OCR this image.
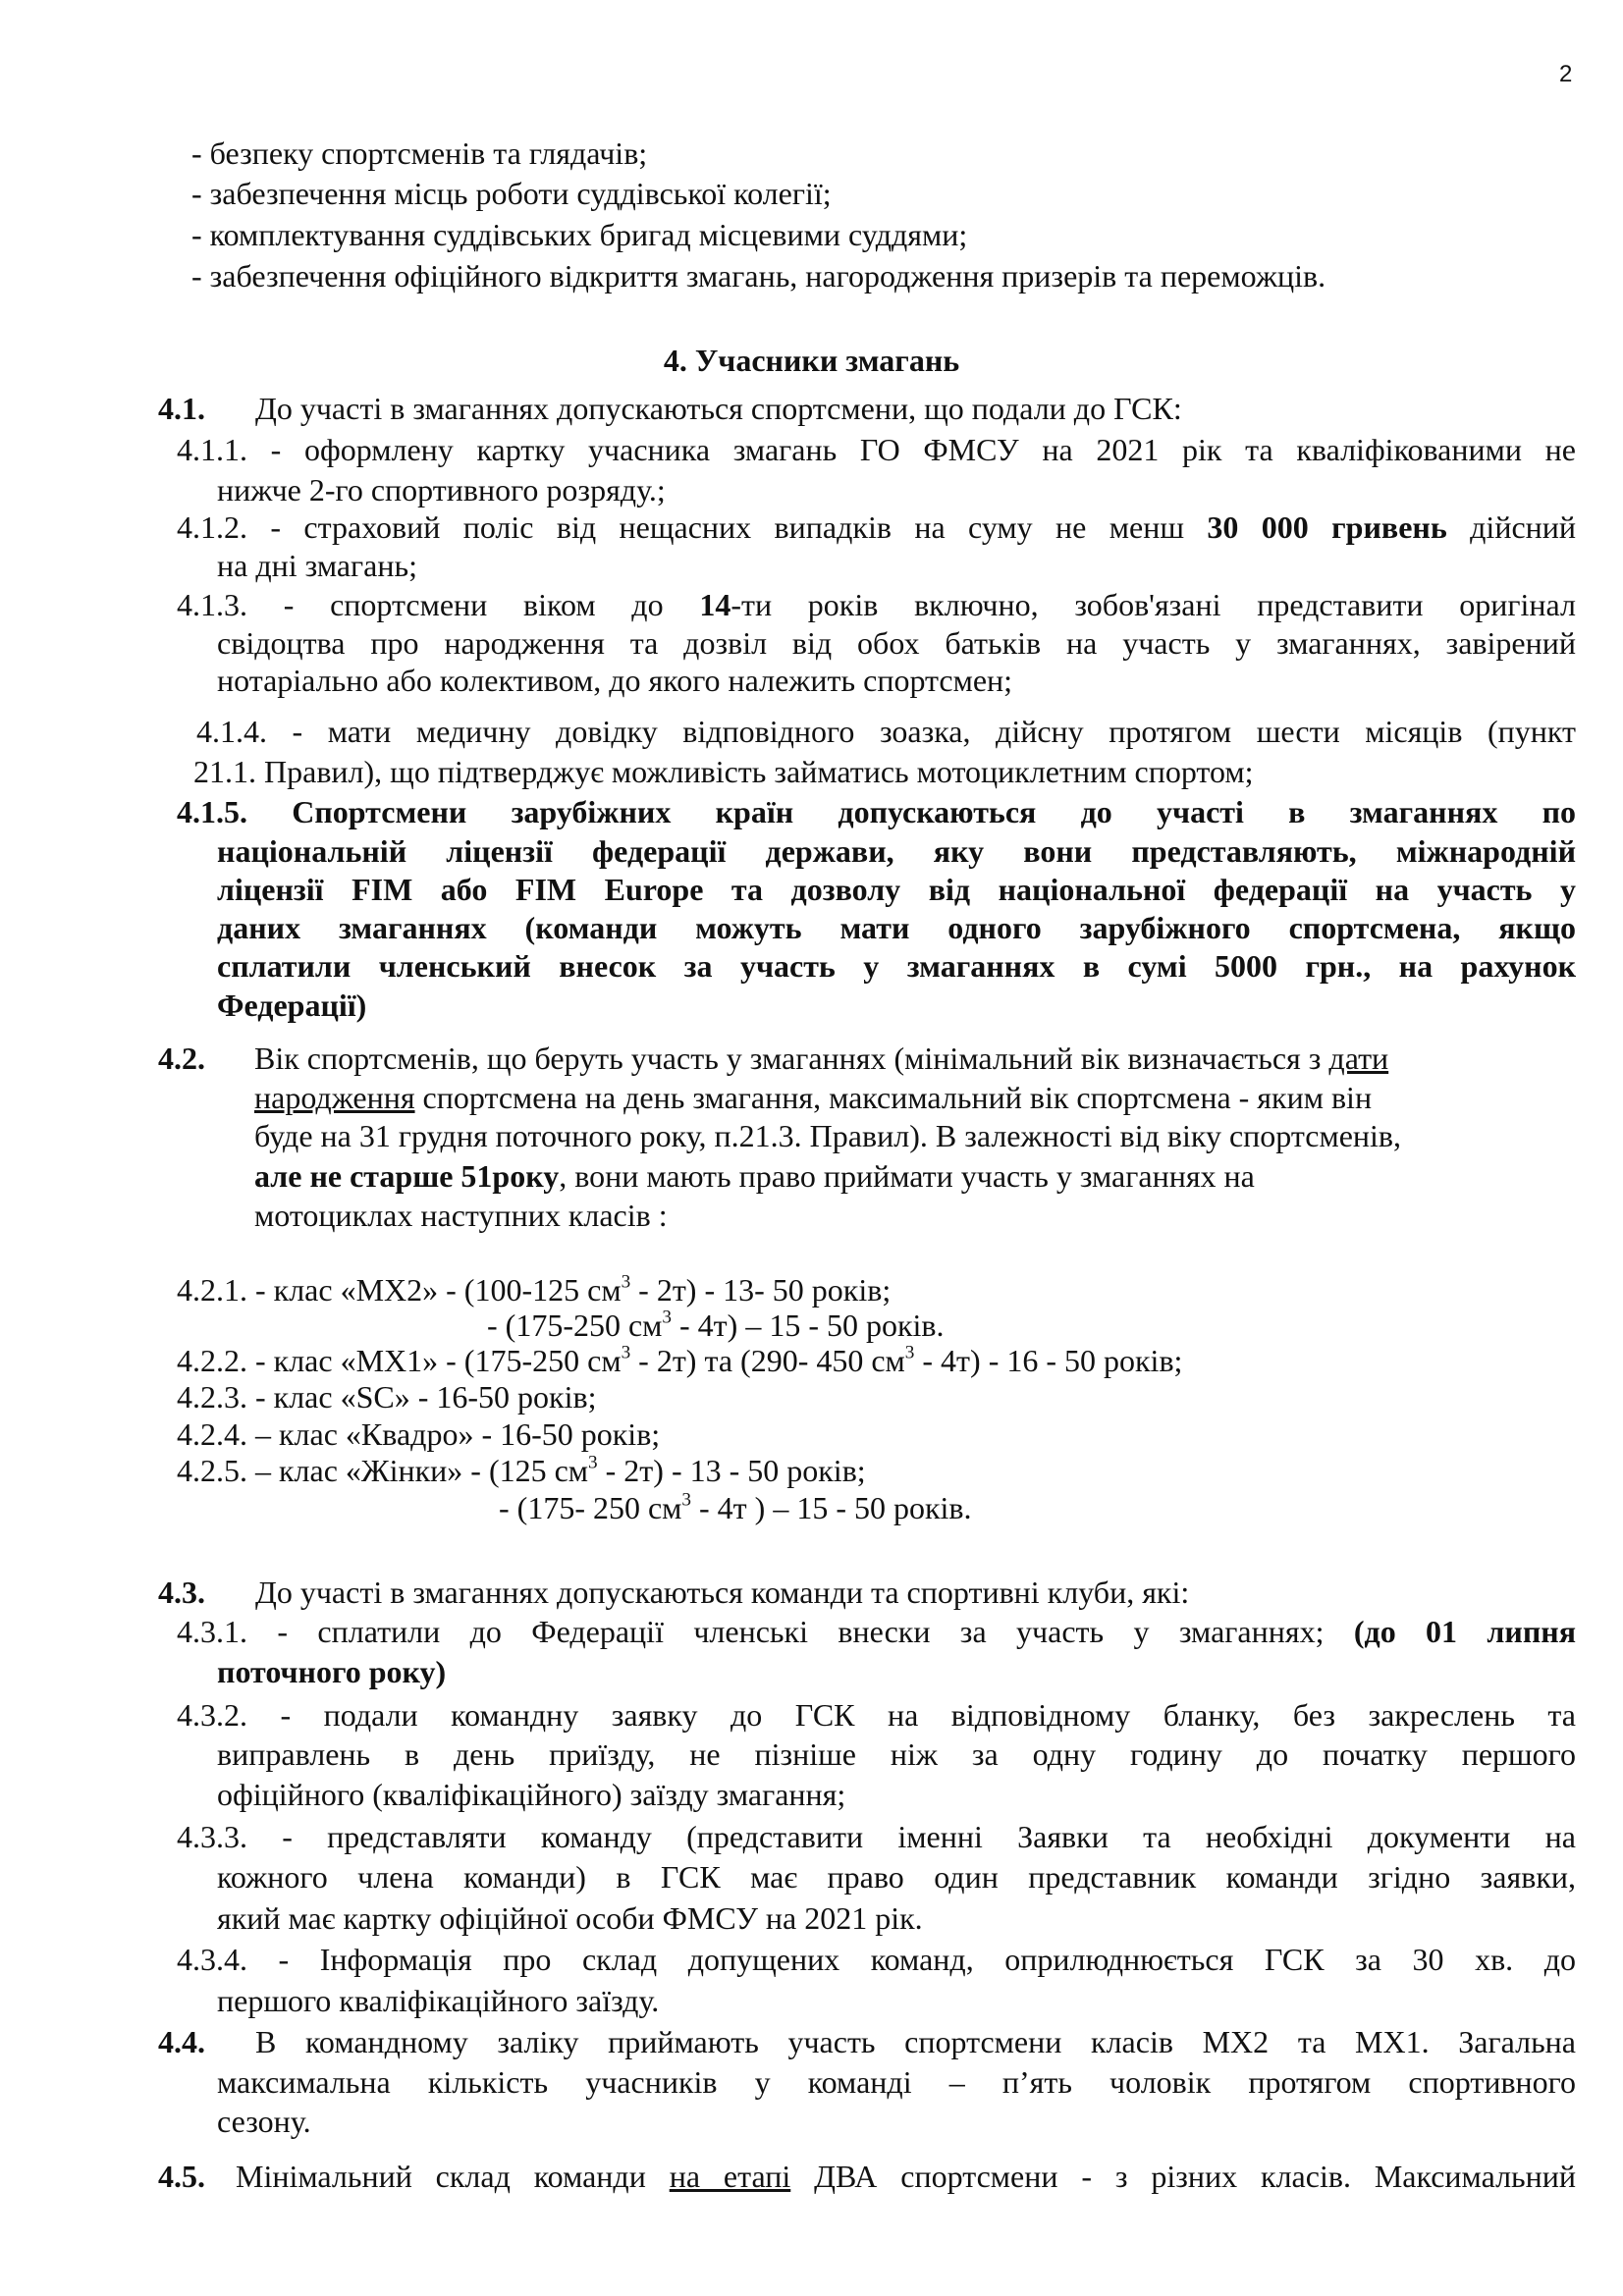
2
- безпеку спортсменів та глядачів;
- забезпечення місць роботи суддівської колегії;
- комплектування суддівських бригад місцевими суддями;
- забезпечення офіційного відкриття змагань, нагородження призерів та переможців.
4. Учасники змагань
4.1. До участі в змаганнях допускаються спортсмени, що подали до ГСК:
4.1.1. - оформлену картку учасника змагань ГО ФМСУ на 2021 рік та кваліфікованими не
нижче 2-го спортивного розряду.;
4.1.2. - страховий поліс від нещасних випадків на суму не менш 30 000 гривень дійсний
на дні змагань;
4.1.3. - спортсмени віком до 14-ти років включно, зобов'язані представити оригінал
свідоцтва про народження та дозвіл від обох батьків на участь у змаганнях, завірений
нотаріально або колективом, до якого належить спортсмен;
4.1.4. - мати медичну довідку відповідного зоазка, дійсну протягом шести місяців (пункт
21.1. Правил), що підтверджує можливість займатись мотоциклетним спортом;
4.1.5. Спортсмени зарубіжних країн допускаються до участі в змаганнях по
національній ліцензії федерації держави, яку вони представляють, міжнародній
ліцензії FIM або FIM Europe та дозволу від національної федерації на участь у
даних змаганнях (команди можуть мати одного зарубіжного спортсмена, якщо
сплатили членський внесок за участь у змаганнях в сумі 5000 грн., на рахунок
Федерації)
4.2. Вік спортсменів, що беруть участь у змаганнях (мінімальний вік визначається з дати
народження спортсмена на день змагання, максимальний вік спортсмена - яким він
буде на 31 грудня поточного року, п.21.3. Правил). В залежності від віку спортсменів,
але не старше 51року, вони мають право приймати участь у змаганнях на
мотоциклах наступних класів :
4.2.1. - клас «МХ2» - (100-125 $см^3 - 2т) - 13-$ 50 років;
- (175-250 $см^3 - 4т) - 15 - 50$ років.
4.2.2. - клас «МХ1» - (175-250 $см^3 - 2т$) та (290- 450 $см^3 - 4т) - 16 - 50$ років;
4.2.3. - клас «SC» - 16-50 років;
4.2.4. – клас «Квадро» - 16-50 років;
4.2.5. – клас «Жінки» - (125 $см^3 - 2т) - 13 - 50$ років;
- (175- 250 $см^3 - 4т$ ) – 15 - 50 років.
4.3. До участі в змаганнях допускаються команди та спортивні клуби, які:
4.3.1. - сплатили до Федерації членські внески за участь у змаганнях; (до 01 липня
поточного року)
4.3.2. - подали командну заявку до ГСК на відповідному бланку, без закреслень та
виправлень в день приїзду, не пізніше ніж за одну годину до початку першого
офіційного (кваліфікаційного) заїзду змагання;
4.3.3. - представляти команду (представити іменні Заявки та необхідні документи на
кожного члена команди) в ГСК має право один представник команди згідно заявки,
який має картку офіційної особи ФМСУ на 2021 рік.
4.3.4. - Інформація про склад допущених команд, оприлюднюється ГСК за 30 хв. до
першого кваліфікаційного заїзду.
4.4. В командному заліку приймають участь спортсмени класів МХ2 та МХ1. Загальна
максимальна кількість учасників у команді – п’ять чоловік протягом спортивного
сезону.
4.5. Мінімальний склад команди на етапі ДВА спортсмени - з різних класів. Максимальний
